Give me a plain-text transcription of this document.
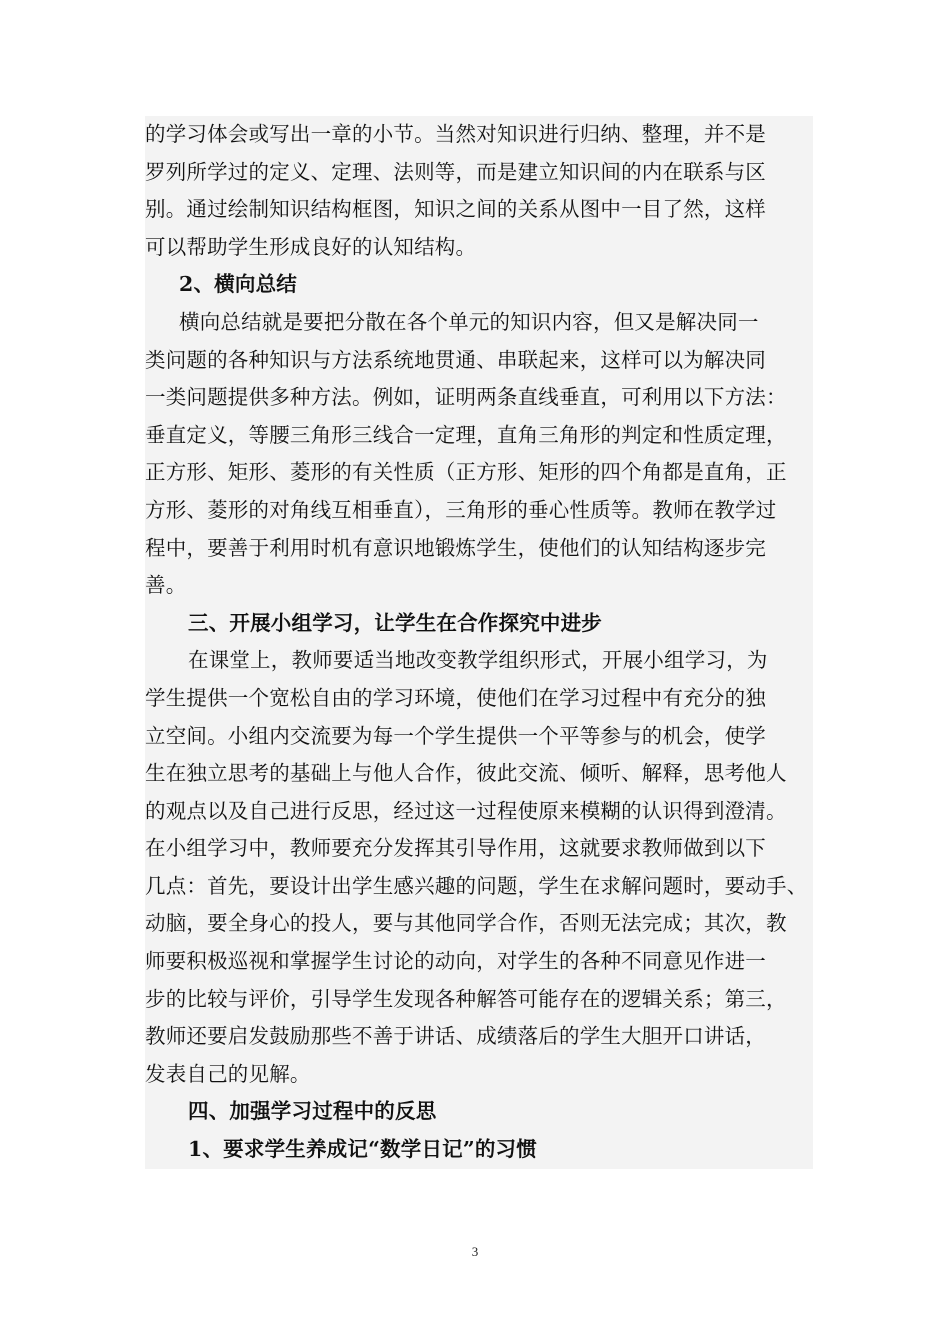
的学习体会或写出一章的小节。当然对知识进行归纳、整理，并不是
罗列所学过的定义、定理、法则等，而是建立知识间的内在联系与区
别。通过绘制知识结构框图，知识之间的关系从图中一目了然，这样
可以帮助学生形成良好的认知结构。
2、横向总结
横向总结就是要把分散在各个单元的知识内容，但又是解决同一
类问题的各种知识与方法系统地贯通、串联起来，这样可以为解决同
一类问题提供多种方法。例如，证明两条直线垂直，可利用以下方法：
垂直定义，等腰三角形三线合一定理，直角三角形的判定和性质定理，
正方形、矩形、菱形的有关性质（正方形、矩形的四个角都是直角，正
方形、菱形的对角线互相垂直），三角形的垂心性质等。教师在教学过
程中，要善于利用时机有意识地锻炼学生，使他们的认知结构逐步完
善。
三、开展小组学习，让学生在合作探究中进步
在课堂上，教师要适当地改变教学组织形式，开展小组学习，为
学生提供一个宽松自由的学习环境，使他们在学习过程中有充分的独
立空间。小组内交流要为每一个学生提供一个平等参与的机会，使学
生在独立思考的基础上与他人合作，彼此交流、倾听、解释，思考他人
的观点以及自己进行反思，经过这一过程使原来模糊的认识得到澄清。
在小组学习中，教师要充分发挥其引导作用，这就要求教师做到以下
几点：首先，要设计出学生感兴趣的问题，学生在求解问题时，要动手、
动脑，要全身心的投人，要与其他同学合作，否则无法完成；其次，教
师要积极巡视和掌握学生讨论的动向，对学生的各种不同意见作进一
步的比较与评价，引导学生发现各种解答可能存在的逻辑关系；第三，
教师还要启发鼓励那些不善于讲话、成绩落后的学生大胆开口讲话，
发表自己的见解。
四、加强学习过程中的反思
1、要求学生养成记“数学日记”的习惯
3
